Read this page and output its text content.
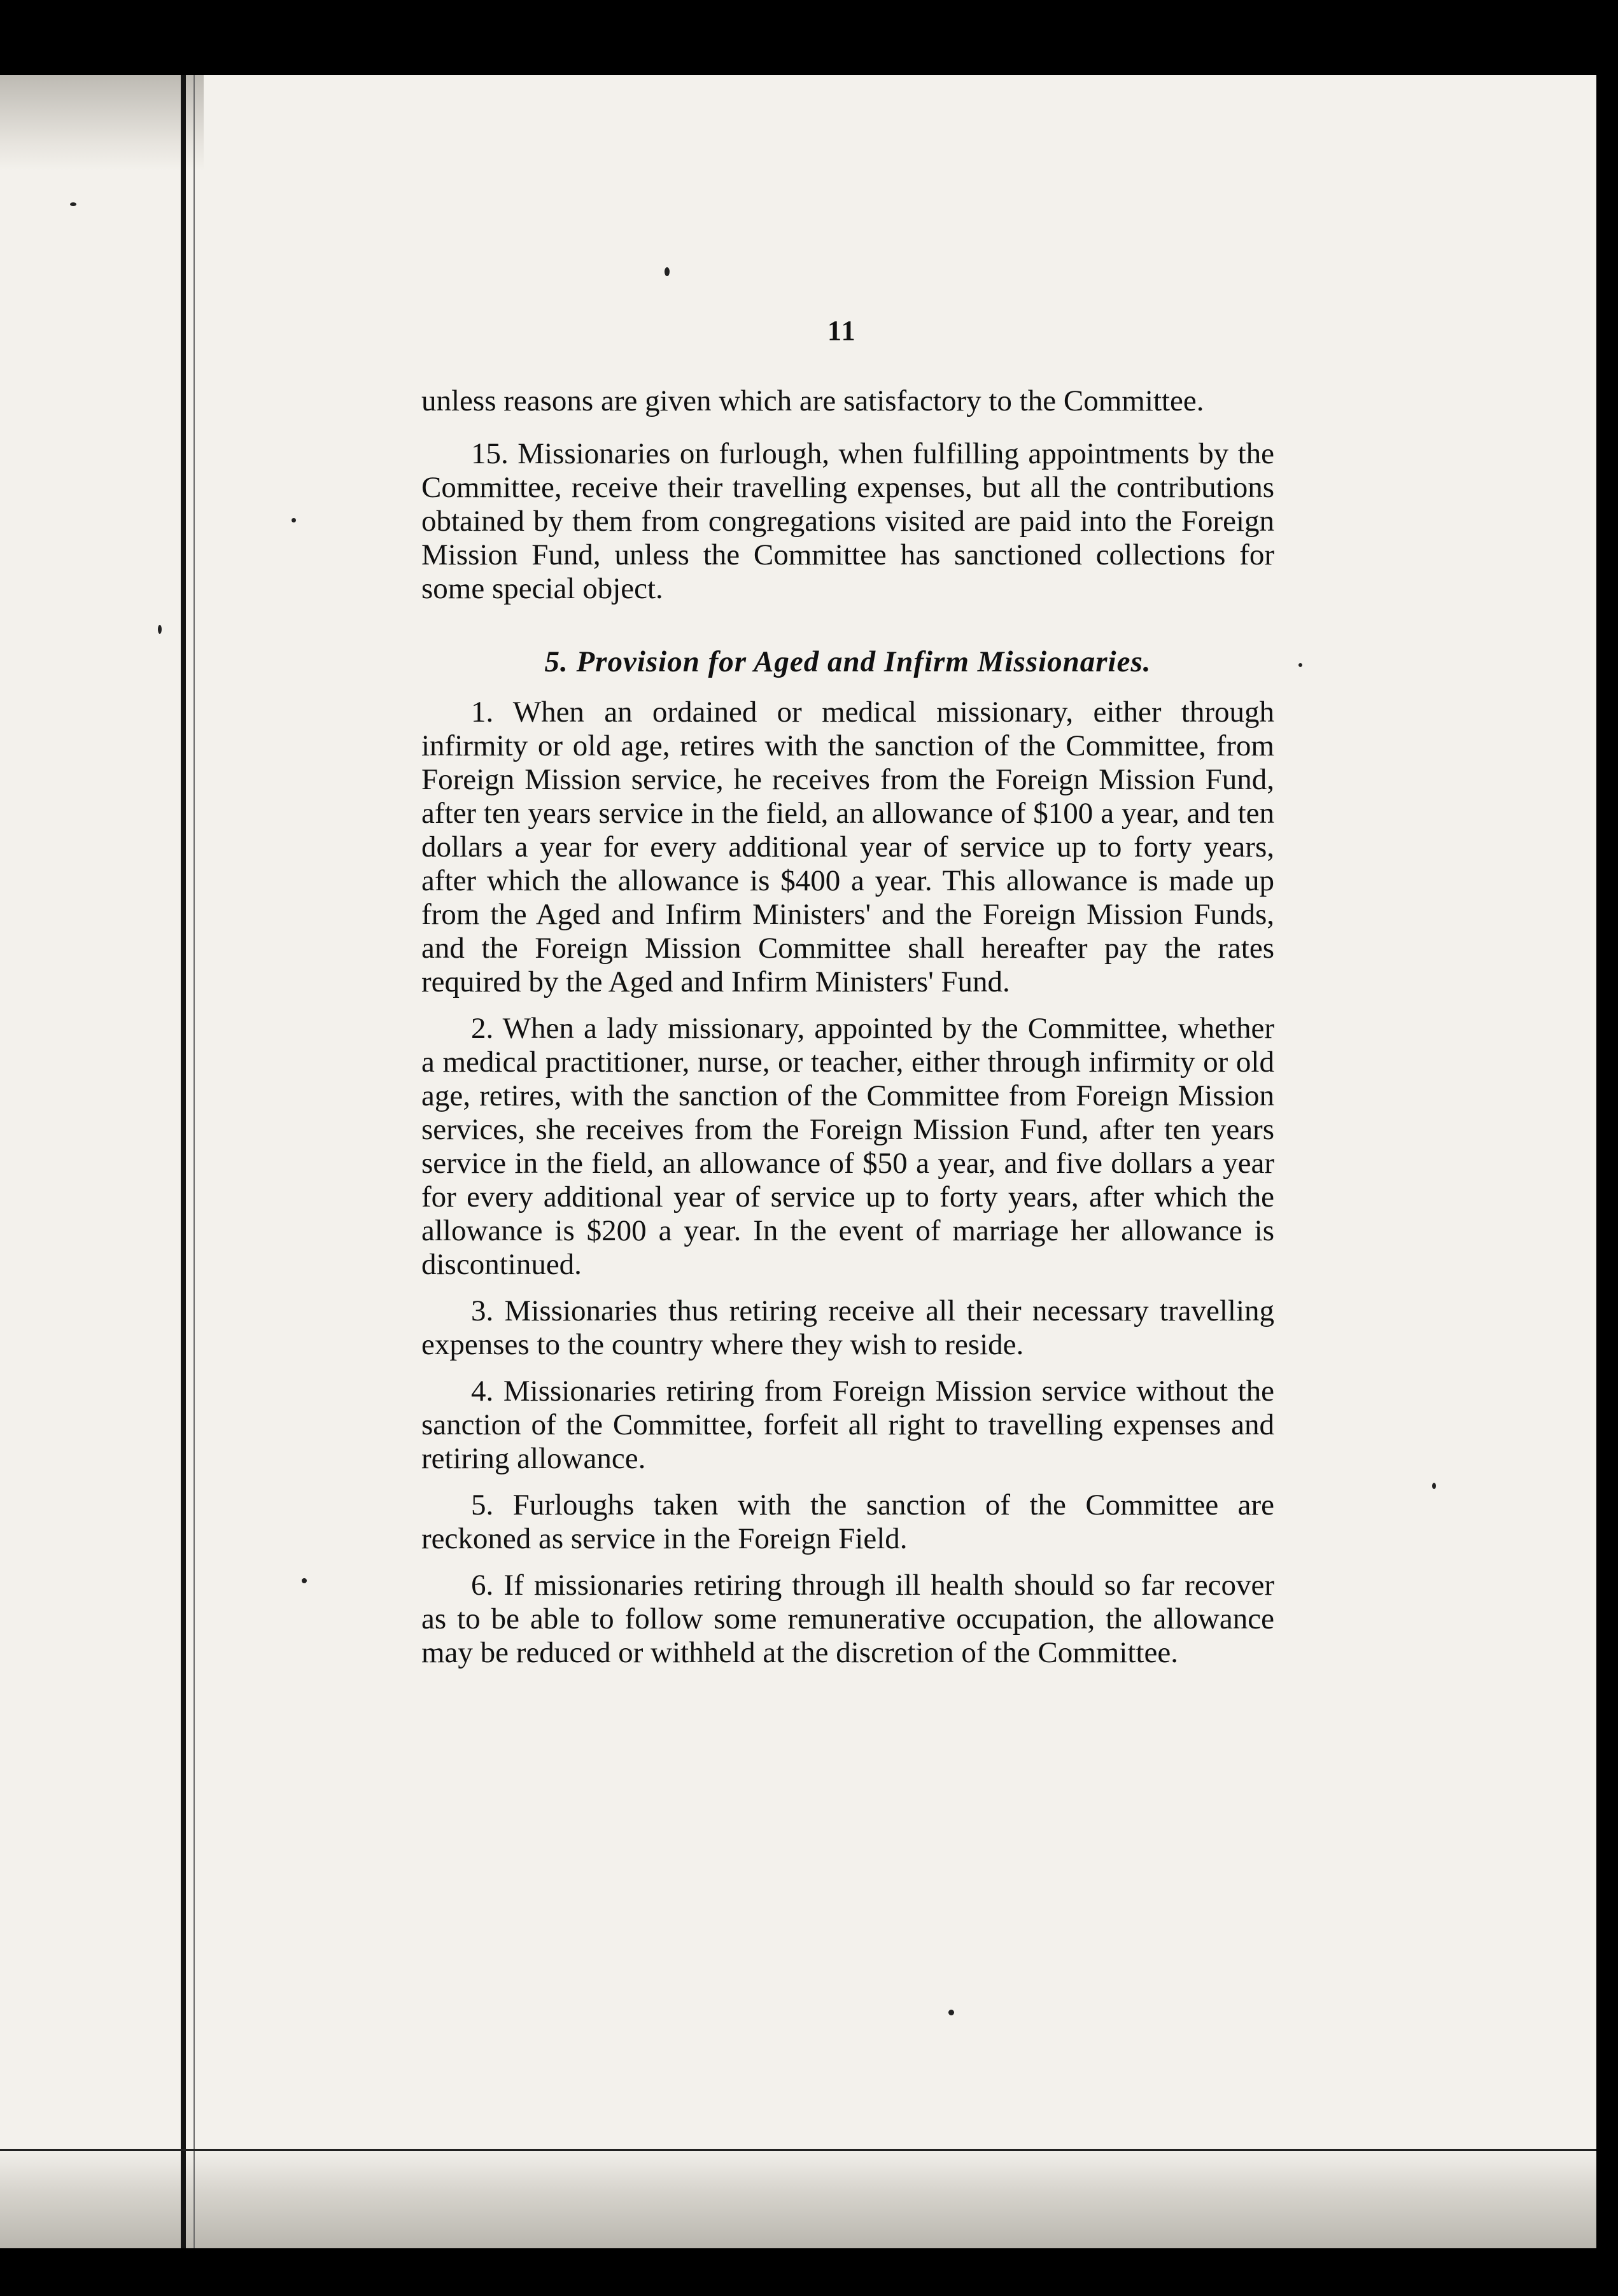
11

unless reasons are given which are satisfactory to the Committee.

15. Missionaries on furlough, when fulfilling appointments by the Committee, receive their travelling expenses, but all the contributions obtained by them from congregations visited are paid into the Foreign Mission Fund, unless the Committee has sanctioned collections for some special object.

5. Provision for Aged and Infirm Missionaries.

1. When an ordained or medical missionary, either through infirmity or old age, retires with the sanction of the Committee, from Foreign Mission service, he receives from the Foreign Mission Fund, after ten years service in the field, an allowance of $100 a year, and ten dollars a year for every additional year of service up to forty years, after which the allowance is $400 a year. This allowance is made up from the Aged and Infirm Ministers' and the Foreign Mission Funds, and the Foreign Mission Committee shall hereafter pay the rates required by the Aged and Infirm Ministers' Fund.

2. When a lady missionary, appointed by the Committee, whether a medical practitioner, nurse, or teacher, either through infirmity or old age, retires, with the sanction of the Committee from Foreign Mission services, she receives from the Foreign Mission Fund, after ten years service in the field, an allowance of $50 a year, and five dollars a year for every additional year of service up to forty years, after which the allowance is $200 a year. In the event of marriage her allowance is discontinued.

3. Missionaries thus retiring receive all their necessary travelling expenses to the country where they wish to reside.

4. Missionaries retiring from Foreign Mission service without the sanction of the Committee, forfeit all right to travelling expenses and retiring allowance.

5. Furloughs taken with the sanction of the Committee are reckoned as service in the Foreign Field.

6. If missionaries retiring through ill health should so far recover as to be able to follow some remunerative occupation, the allowance may be reduced or withheld at the discretion of the Committee.
